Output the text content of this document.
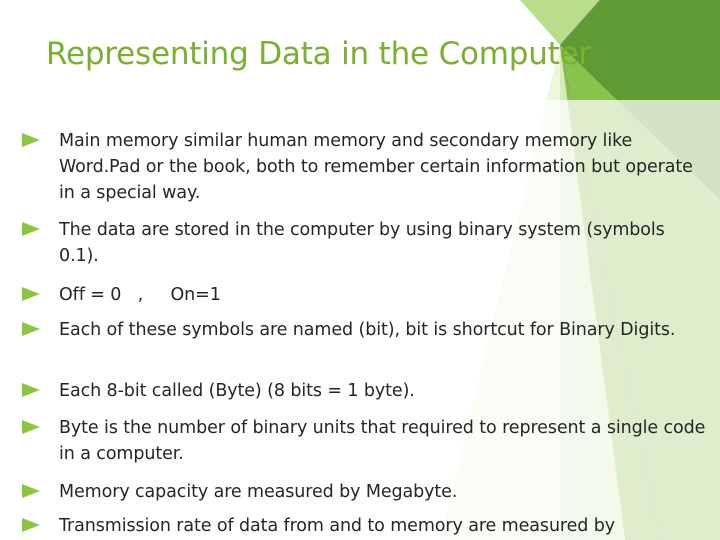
Representing Data in the Computer
Main memory similar human memory and secondary memory like Word.Pad or the book, both to remember certain information but operate in a special way.
The data are stored in the computer by using binary system (symbols 0.1).
Off = 0   ,     On=1
Each of these symbols are named (bit), bit is shortcut for Binary Digits.
Each 8-bit called (Byte) (8 bits = 1 byte).
Byte is the number of binary units that required to represent a single code in a computer.
Memory capacity are measured by Megabyte.
Transmission rate of data from and to memory are measured by
